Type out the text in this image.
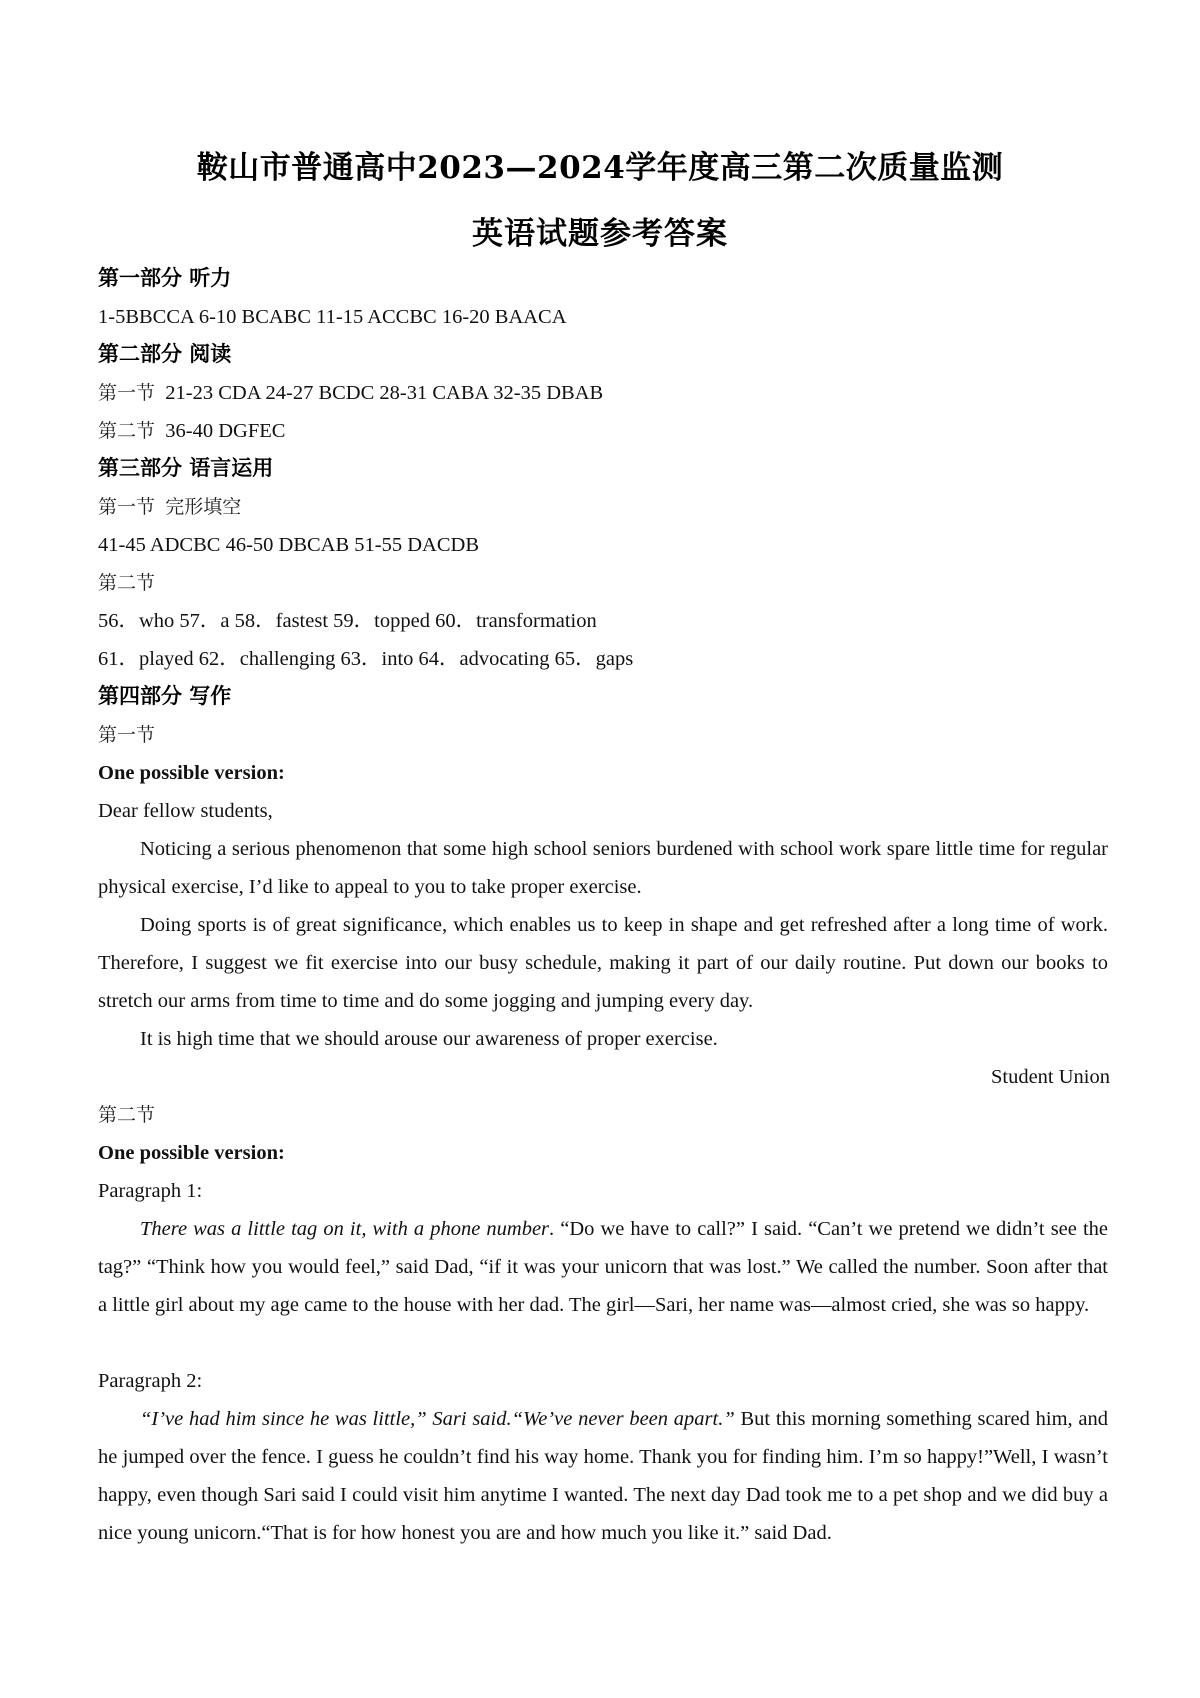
鞍山市普通高中2023—2024学年度高三第二次质量监测
英语试题参考答案
第一部分 听力
1-5BBCCA 6-10 BCABC 11-15 ACCBC 16-20 BAACA
第二部分 阅读
第一节 21-23 CDA 24-27 BCDC 28-31 CABA 32-35 DBAB
第二节 36-40 DGFEC
第三部分 语言运用
第一节 完形填空
41-45 ADCBC 46-50 DBCAB 51-55 DACDB
第二节
56．who 57．a 58．fastest 59．topped 60．transformation
61．played 62．challenging 63．into 64．advocating 65．gaps
第四部分 写作
第一节
One possible version:
Dear fellow students,
Noticing a serious phenomenon that some high school seniors burdened with school work spare little time for regular physical exercise, I’d like to appeal to you to take proper exercise.
Doing sports is of great significance, which enables us to keep in shape and get refreshed after a long time of work. Therefore, I suggest we fit exercise into our busy schedule, making it part of our daily routine. Put down our books to stretch our arms from time to time and do some jogging and jumping every day.
It is high time that we should arouse our awareness of proper exercise.
Student Union
第二节
One possible version:
Paragraph 1:
There was a little tag on it, with a phone number. “Do we have to call?” I said. “Can’t we pretend we didn’t see the tag?” “Think how you would feel,” said Dad, “if it was your unicorn that was lost.” We called the number. Soon after that a little girl about my age came to the house with her dad. The girl—Sari, her name was—almost cried, she was so happy.
Paragraph 2:
“I’ve had him since he was little,” Sari said.“We’ve never been apart.” But this morning something scared him, and he jumped over the fence. I guess he couldn’t find his way home. Thank you for finding him. I’m so happy!”Well, I wasn’t happy, even though Sari said I could visit him anytime I wanted. The next day Dad took me to a pet shop and we did buy a nice young unicorn.“That is for how honest you are and how much you like it.” said Dad.
